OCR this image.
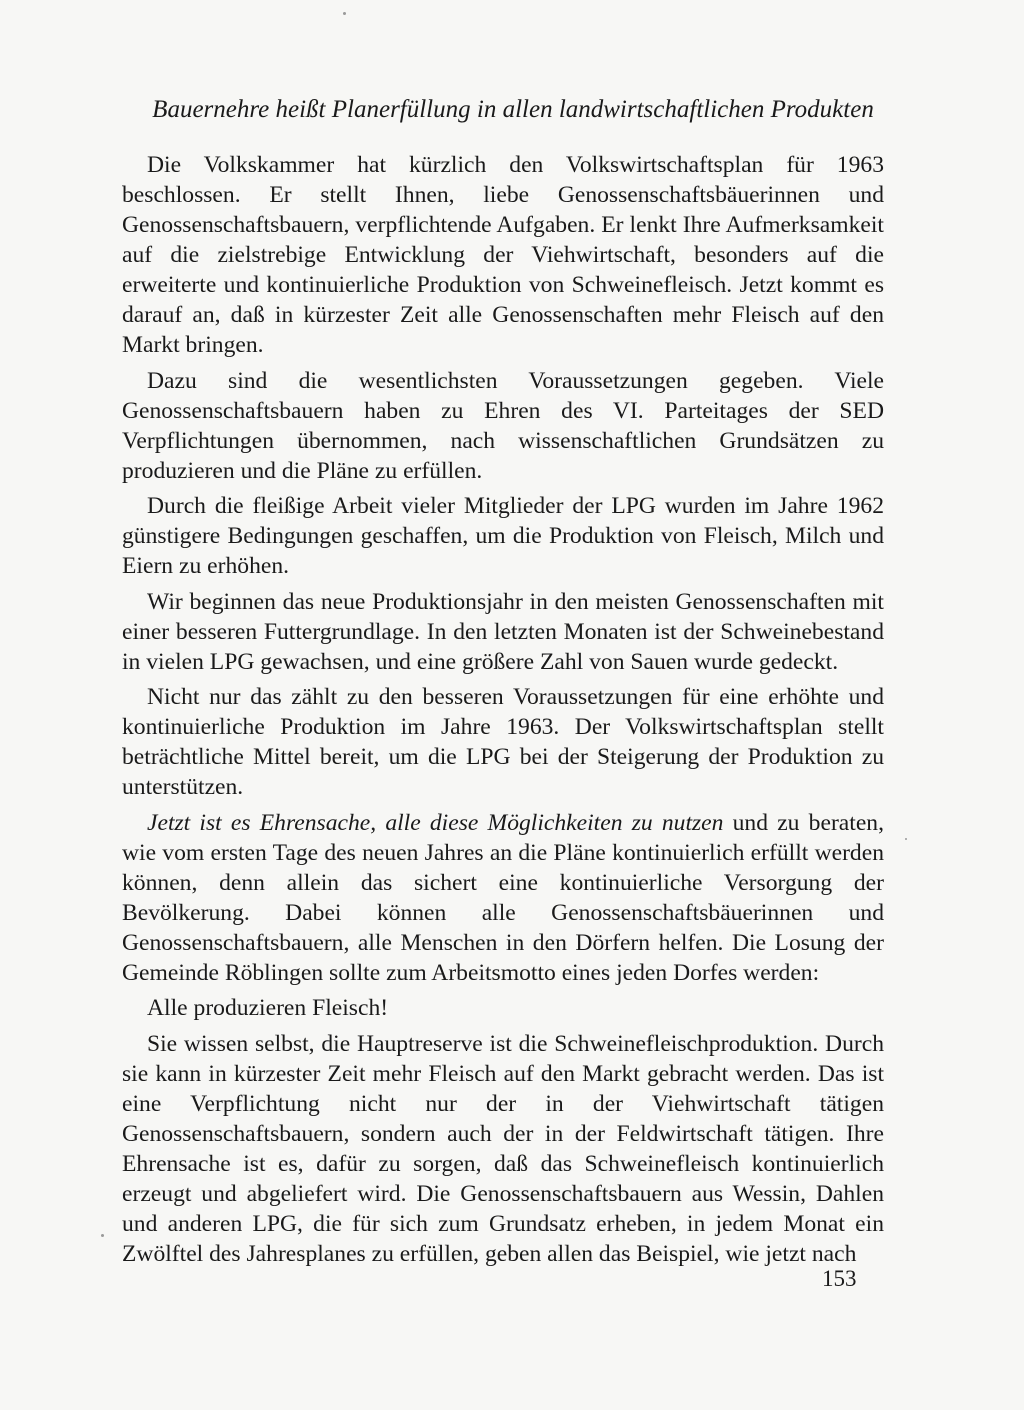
Bauernehre heißt Planerfüllung in allen landwirtschaftlichen Produkten

Die Volkskammer hat kürzlich den Volkswirtschaftsplan für 1963 beschlossen. Er stellt Ihnen, liebe Genossenschaftsbäuerinnen und Genossenschaftsbauern, verpflichtende Aufgaben. Er lenkt Ihre Aufmerksamkeit auf die zielstrebige Entwicklung der Viehwirtschaft, besonders auf die erweiterte und kontinuierliche Produktion von Schweinefleisch. Jetzt kommt es darauf an, daß in kürzester Zeit alle Genossenschaften mehr Fleisch auf den Markt bringen.

Dazu sind die wesentlichsten Voraussetzungen gegeben. Viele Genossenschaftsbauern haben zu Ehren des VI. Parteitages der SED Verpflichtungen übernommen, nach wissenschaftlichen Grundsätzen zu produzieren und die Pläne zu erfüllen.

Durch die fleißige Arbeit vieler Mitglieder der LPG wurden im Jahre 1962 günstigere Bedingungen geschaffen, um die Produktion von Fleisch, Milch und Eiern zu erhöhen.

Wir beginnen das neue Produktionsjahr in den meisten Genossenschaften mit einer besseren Futtergrundlage. In den letzten Monaten ist der Schweinebestand in vielen LPG gewachsen, und eine größere Zahl von Sauen wurde gedeckt.

Nicht nur das zählt zu den besseren Voraussetzungen für eine erhöhte und kontinuierliche Produktion im Jahre 1963. Der Volkswirtschaftsplan stellt beträchtliche Mittel bereit, um die LPG bei der Steigerung der Produktion zu unterstützen.

Jetzt ist es Ehrensache, alle diese Möglichkeiten zu nutzen und zu beraten, wie vom ersten Tage des neuen Jahres an die Pläne kontinuierlich erfüllt werden können, denn allein das sichert eine kontinuierliche Versorgung der Bevölkerung. Dabei können alle Genossenschaftsbäuerinnen und Genossenschaftsbauern, alle Menschen in den Dörfern helfen. Die Losung der Gemeinde Röblingen sollte zum Arbeitsmotto eines jeden Dorfes werden:

Alle produzieren Fleisch!

Sie wissen selbst, die Hauptreserve ist die Schweinefleischproduktion. Durch sie kann in kürzester Zeit mehr Fleisch auf den Markt gebracht werden. Das ist eine Verpflichtung nicht nur der in der Viehwirtschaft tätigen Genossenschaftsbauern, sondern auch der in der Feldwirtschaft tätigen. Ihre Ehrensache ist es, dafür zu sorgen, daß das Schweinefleisch kontinuierlich erzeugt und abgeliefert wird. Die Genossenschaftsbauern aus Wessin, Dahlen und anderen LPG, die für sich zum Grundsatz erheben, in jedem Monat ein Zwölftel des Jahresplanes zu erfüllen, geben allen das Beispiel, wie jetzt nach

153
